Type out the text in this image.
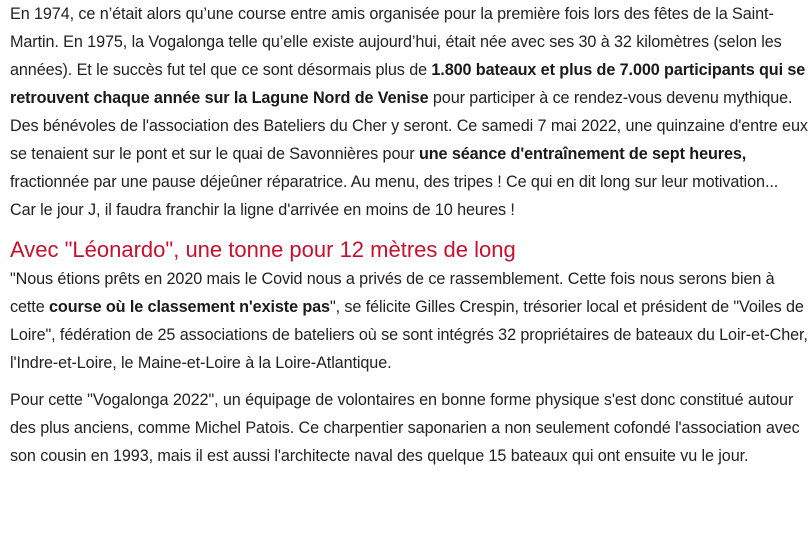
En 1974, ce n’était alors qu’une course entre amis organisée pour la première fois lors des fêtes de la Saint-Martin. En 1975, la Vogalonga telle qu’elle existe aujourd’hui, était née avec ses 30 à 32 kilomètres (selon les années). Et le succès fut tel que ce sont désormais plus de 1.800 bateaux et plus de 7.000 participants qui se retrouvent chaque année sur la Lagune Nord de Venise pour participer à ce rendez-vous devenu mythique.

Des bénévoles de l'association des Bateliers du Cher y seront. Ce samedi 7 mai 2022, une quinzaine d'entre eux se tenaient sur le pont et sur le quai de Savonnières pour une séance d'entraînement de sept heures, fractionnée par une pause déjeûner réparatrice. Au menu, des tripes ! Ce qui en dit long sur leur motivation... Car le jour J, il faudra franchir la ligne d'arrivée en moins de 10 heures !

Avec "Léonardo", une tonne pour 12 mètres de long

"Nous étions prêts en 2020 mais le Covid nous a privés de ce rassemblement. Cette fois nous serons bien à cette course où le classement n'existe pas", se félicite Gilles Crespin, trésorier local et président de "Voiles de Loire", fédération de 25 associations de bateliers où se sont intégrés 32 propriétaires de bateaux du Loir-et-Cher, l'Indre-et-Loire, le Maine-et-Loire à la Loire-Atlantique.

Pour cette "Vogalonga 2022", un équipage de volontaires en bonne forme physique s'est donc constitué autour des plus anciens, comme Michel Patois. Ce charpentier saponarien a non seulement cofondé l'association avec son cousin en 1993, mais il est aussi l'architecte naval des quelque 15 bateaux qui ont ensuite vu le jour.
